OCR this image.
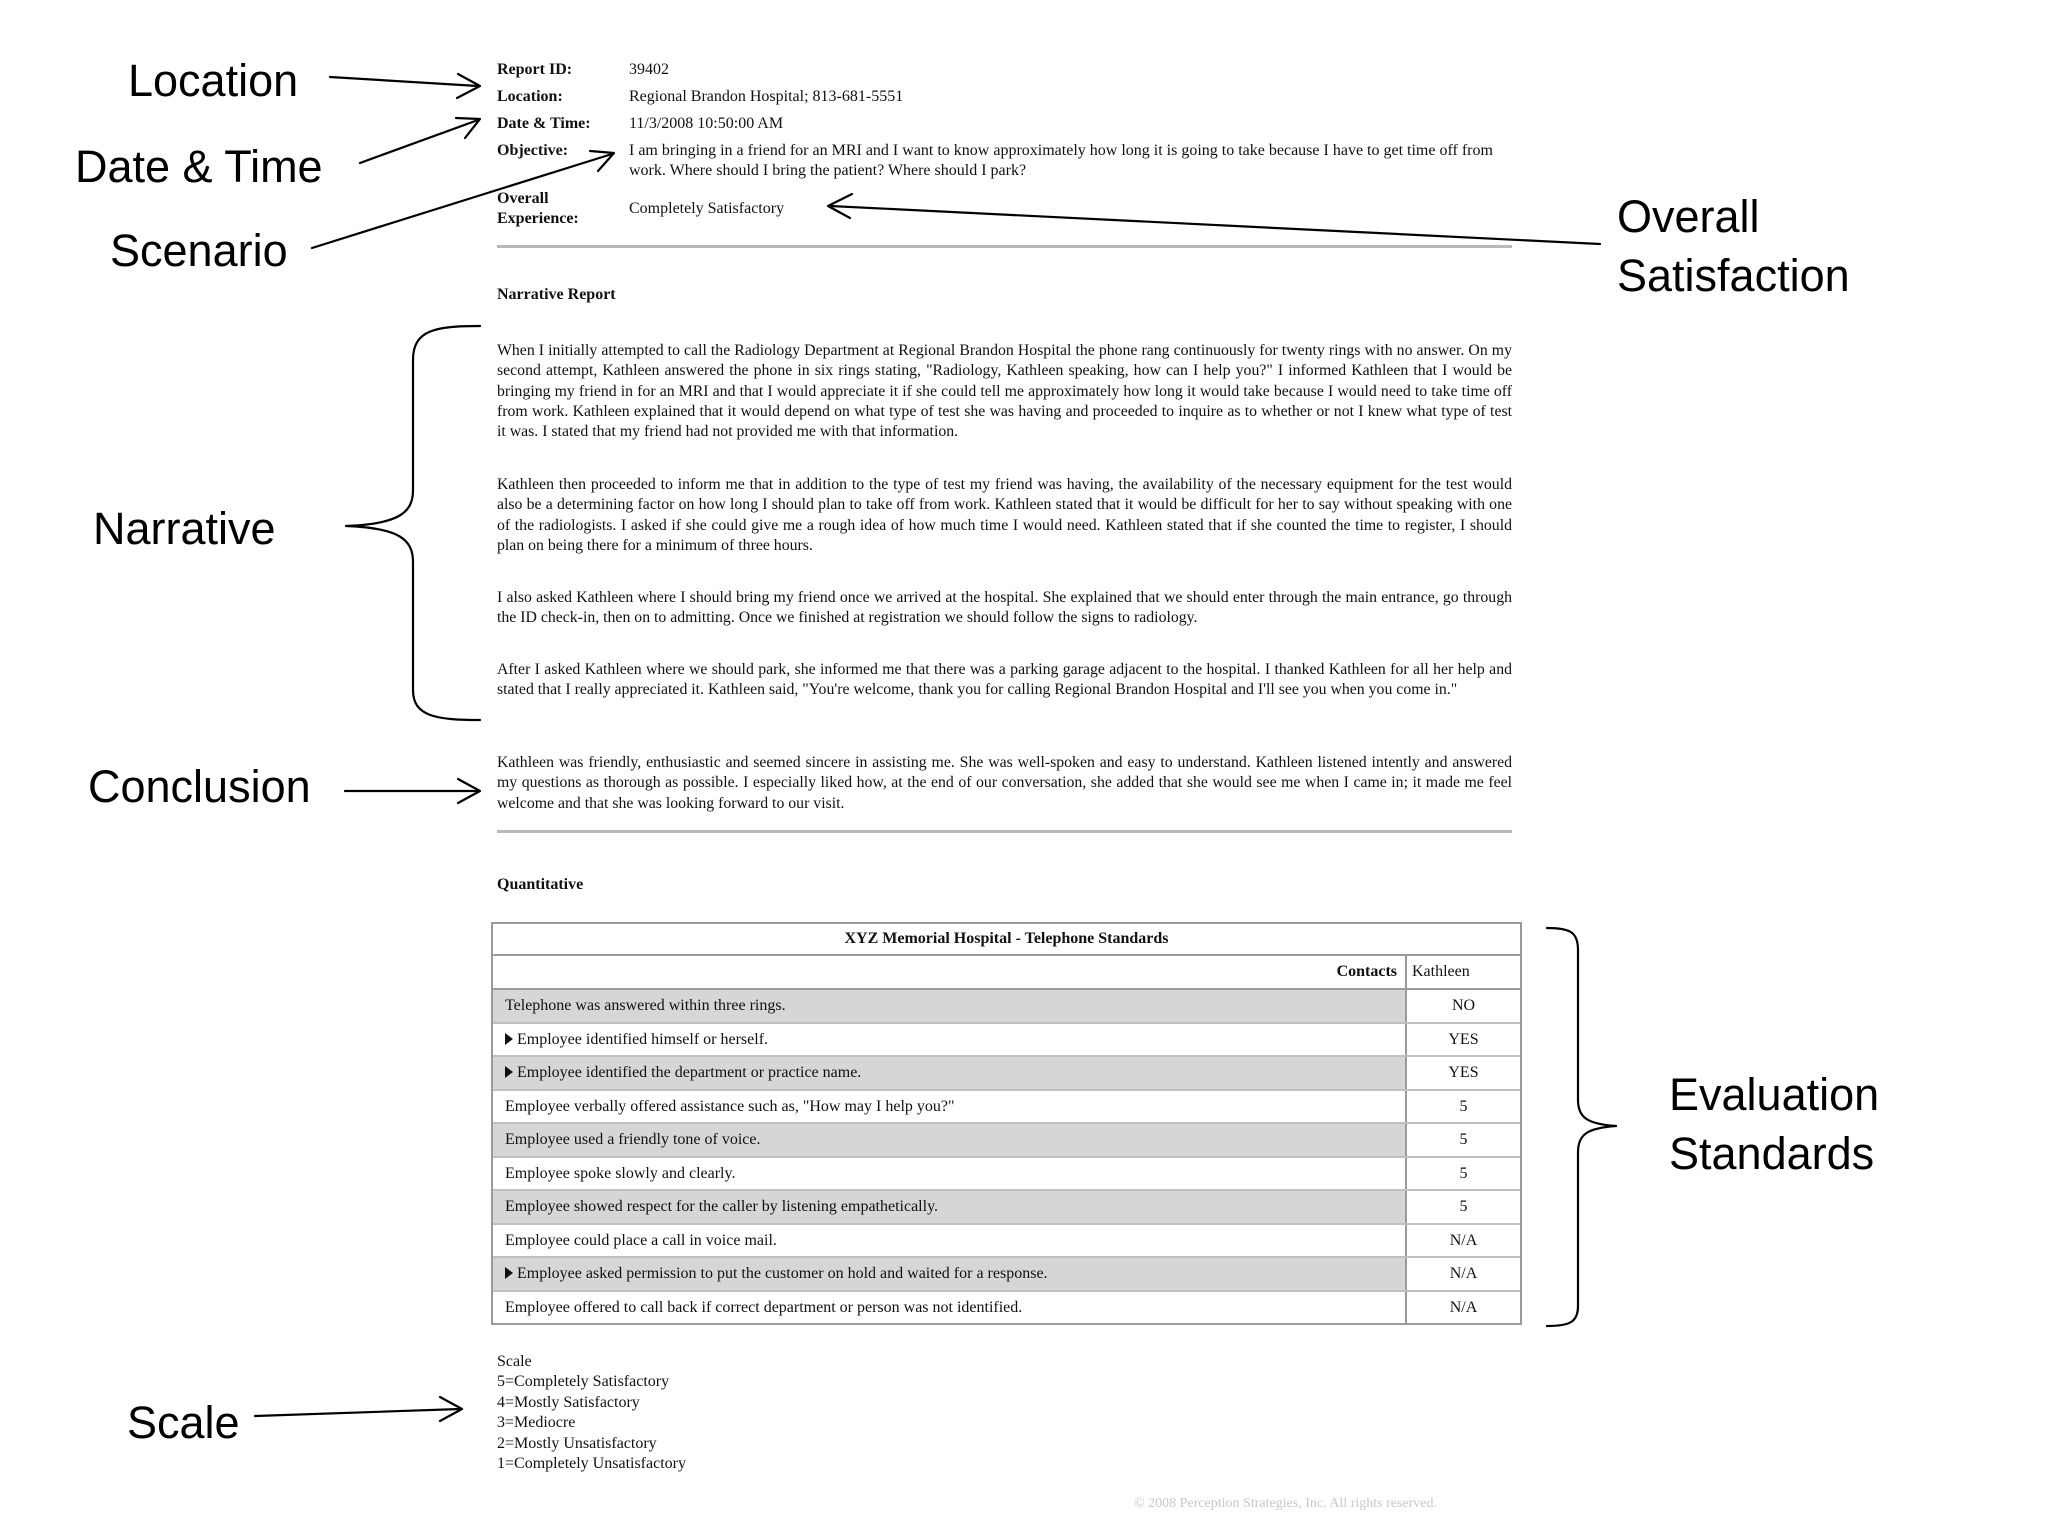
Location
Date & Time
Scenario
Overall
Satisfaction
Narrative
Conclusion
Evaluation
Standards
Scale
Report ID:	39402
Location:	Regional Brandon Hospital; 813-681-5551
Date & Time:	11/3/2008 10:50:00 AM
Objective:	I am bringing in a friend for an MRI and I want to know approximately how long it is going to take because I have to get time off from work. Where should I bring the patient? Where should I park?
Overall
Experience:
Completely Satisfactory
Narrative Report
When I initially attempted to call the Radiology Department at Regional Brandon Hospital the phone rang continuously for twenty rings with no answer. On my second attempt, Kathleen answered the phone in six rings stating, "Radiology, Kathleen speaking, how can I help you?" I informed Kathleen that I would be bringing my friend in for an MRI and that I would appreciate it if she could tell me approximately how long it would take because I would need to take time off from work. Kathleen explained that it would depend on what type of test she was having and proceeded to inquire as to whether or not I knew what type of test it was. I stated that my friend had not provided me with that information.
Kathleen then proceeded to inform me that in addition to the type of test my friend was having, the availability of the necessary equipment for the test would also be a determining factor on how long I should plan to take off from work. Kathleen stated that it would be difficult for her to say without speaking with one of the radiologists. I asked if she could give me a rough idea of how much time I would need. Kathleen stated that if she counted the time to register, I should plan on being there for a minimum of three hours.
I also asked Kathleen where I should bring my friend once we arrived at the hospital. She explained that we should enter through the main entrance, go through the ID check-in, then on to admitting. Once we finished at registration we should follow the signs to radiology.
After I asked Kathleen where we should park, she informed me that there was a parking garage adjacent to the hospital. I thanked Kathleen for all her help and stated that I really appreciated it. Kathleen said, "You're welcome, thank you for calling Regional Brandon Hospital and I'll see you when you come in."
Kathleen was friendly, enthusiastic and seemed sincere in assisting me. She was well-spoken and easy to understand. Kathleen listened intently and answered my questions as thorough as possible. I especially liked how, at the end of our conversation, she added that she would see me when I came in; it made me feel welcome and that she was looking forward to our visit.
Quantitative
XYZ Memorial Hospital - Telephone Standards
Contacts Kathleen
Telephone was answered within three rings.	NO
Employee identified himself or herself.	YES
Employee identified the department or practice name.	YES
Employee verbally offered assistance such as, "How may I help you?"	5
Employee used a friendly tone of voice.	5
Employee spoke slowly and clearly.	5
Employee showed respect for the caller by listening empathetically.	5
Employee could place a call in voice mail.	N/A
Employee asked permission to put the customer on hold and waited for a response.	N/A
Employee offered to call back if correct department or person was not identified.	N/A
Scale
5=Completely Satisfactory
4=Mostly Satisfactory
3=Mediocre
2=Mostly Unsatisfactory
1=Completely Unsatisfactory
© 2008 Perception Strategies, Inc. All rights reserved.
